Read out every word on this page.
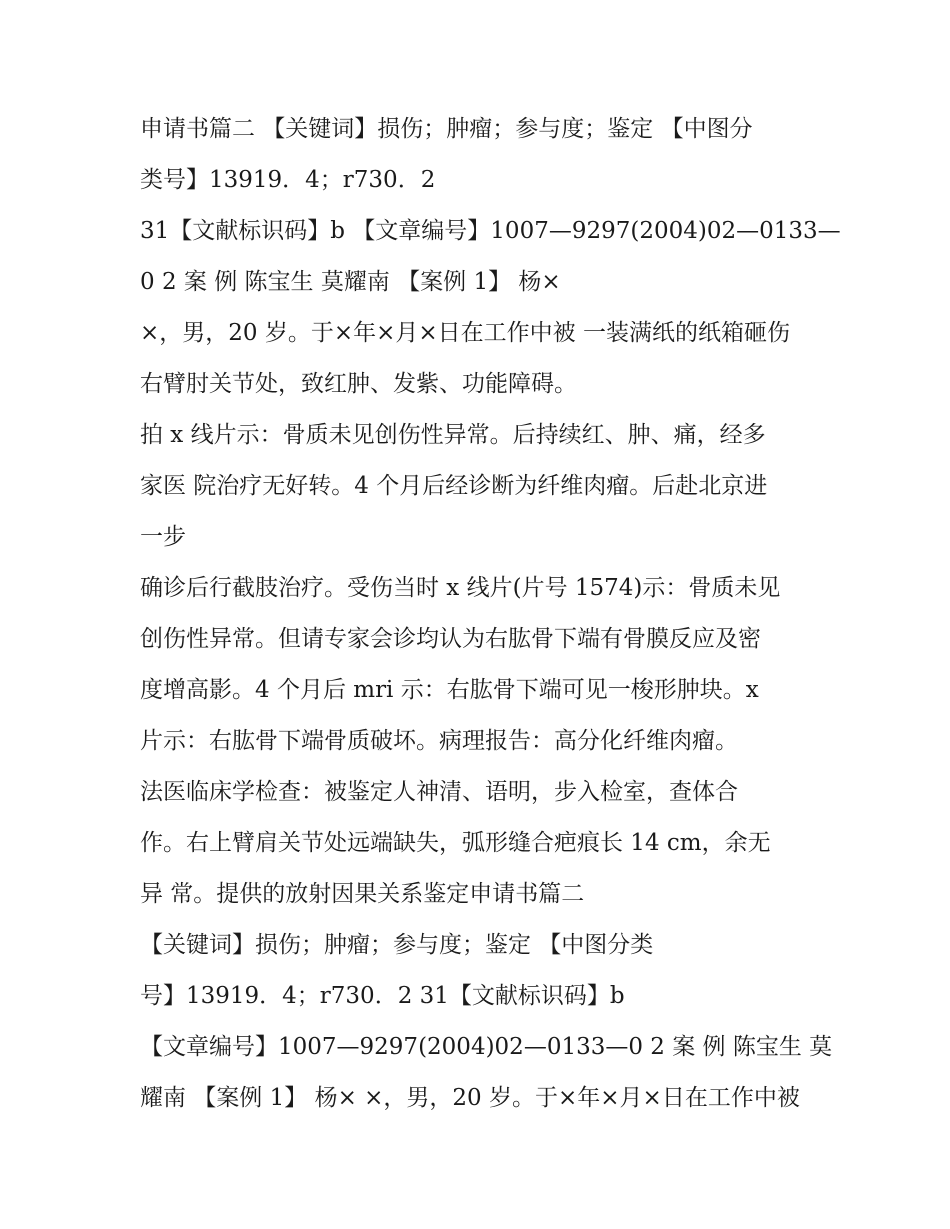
申请书篇二 【关键词】损伤；肿瘤；参与度；鉴定 【中图分
类号】13919．4；r730．2
31【文献标识码】b 【文章编号】1007—9297(2004)02—0133—
0 2 案 例 陈宝生 莫耀南 【案例 1】 杨×
×，男，20 岁。于×年×月×日在工作中被 一装满纸的纸箱砸伤
右臂肘关节处，致红肿、发紫、功能障碍。
拍 x 线片示：骨质未见创伤性异常。后持续红、肿、痛，经多
家医 院治疗无好转。4 个月后经诊断为纤维肉瘤。后赴北京进
一步
确诊后行截肢治疗。受伤当时 x 线片(片号 1574)示：骨质未见
创伤性异常。但请专家会诊均认为右肱骨下端有骨膜反应及密
度增高影。4 个月后 mri 示：右肱骨下端可见一梭形肿块。x
片示：右肱骨下端骨质破坏。病理报告：高分化纤维肉瘤。
法医临床学检查：被鉴定人神清、语明，步入检室，查体合
作。右上臂肩关节处远端缺失，弧形缝合疤痕长 14 cm，余无
异 常。提供的放射因果关系鉴定申请书篇二
【关键词】损伤；肿瘤；参与度；鉴定 【中图分类
号】13919．4；r730．2 31【文献标识码】b
【文章编号】1007—9297(2004)02—0133—0 2 案 例 陈宝生 莫
耀南 【案例 1】 杨× ×，男，20 岁。于×年×月×日在工作中被
